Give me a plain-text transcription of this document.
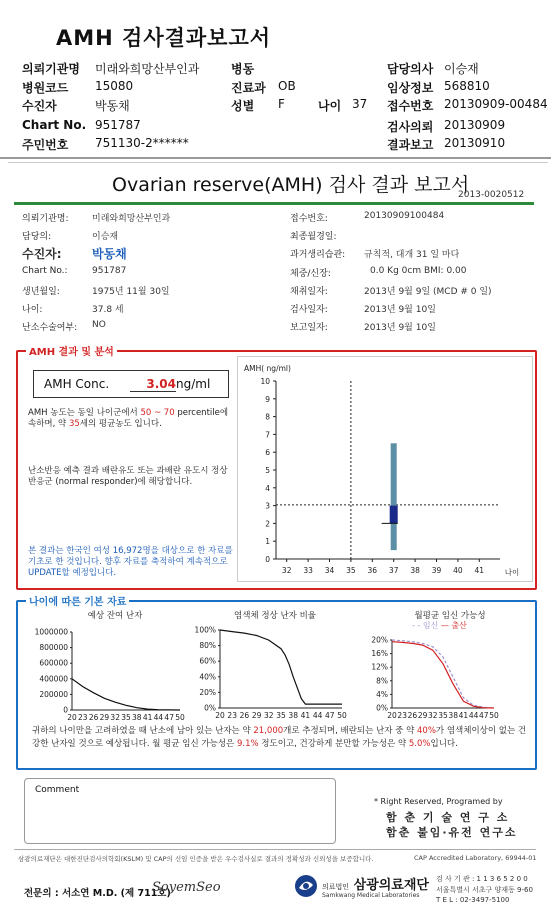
AMH 검사결과보고서
의뢰기관명 미래와희망산부인과	병동	담당의사 이승재
병원코드 15080	진료과 OB	임상정보 568810
수진자	박동채	성별 F	나이 37 접수번호 20130909-00484
Chart No. 951787	검사의뢰 20130909
주민번호 751130-2******	결과보고 20130910
Ovarian reserve(AMH) 검사 결과 보고서
2013-0020512
의뢰기관명:	미래와희망산부인과
담당의:	이승재
수진자:	박동채
Chart No.:	951787
생년월일:	1975년 11월 30일
나이:	37.8 세
난소수술여부: NO
접수번호:	20130909100484
최종월경일:
과거생리습관: 규칙적, 대개 31 일 마다
체중/신장:	0.0 Kg 0cm BMI: 0.00
채취일자:	2013년 9월 9일 (MCD # 0 일)
검사일자:	2013년 9월 10일
보고일자:	2013년 9월 10일
AMH 결과 및 분석
AMH Conc.	3.04 ng/ml
AMH 농도는 동일 나이군에서 50 ~ 70 percentile에 속하며, 약 35세의 평균농도 입니다.
난소반응 예측 결과 배란유도 또는 과배란 유도시 정상반응군 (normal responder)에 해당합니다.
본 결과는 한국인 여성 16,972명을 대상으로 한 자료를 기초로 한 것입니다. 향후 자료를 축적하여 계속적으로 UPDATE할 예정입니다.
AMH( ng/ml)
0
1
2
3
4
5
6
7
8
9
10
32 33 34 35 36 37 38 39 40 41	나이
나이에 따른 기본 자료
예상 잔여 난자	염색체 정상 난자 비율	월평균 임신 가능성
- - 임신 — 출산
0
200000
400000
600000
800000
1000000
20 23 26 29 32 35 38 41 44 47 50
0%
20%
40%
60%
80%
100%
20 23 26 29 32 35 38 41 44 47 50
0%
4%
8%
12%
16%
20%
20 23 26 29 32 35 38 41 44 47 50
귀하의 나이만을 고려하였을 때 난소에 남아 있는 난자는 약 21,000개로 추정되며, 배란되는 난자 중 약 40%가 염색체이상이 없는 건강한 난자일 것으로 예상됩니다. 월 평균 임신 가능성은 9.1% 정도이고, 건강하게 분만할 가능성은 약 5.0%입니다.
Comment
* Right Reserved, Programed by
함 춘 기 술 연 구 소
함춘 불임·유전 연구소
삼광의료재단은 대한진단검사의학회(KSLM) 및 CAP의 신임 인증을 받은 우수검사실로 결과의 정확성과 신뢰성을 보증합니다.	CAP Accredited Laboratory, 69944-01
전문의 : 서소연 M.D. (제 711호)
SoyemSeo	의료법인 삼광의료재단
Samkwang Medical Laboratories
검 사 기 관 : 1 1 3 6 5 2 0 0
서울특별시 서초구 양재동 9-60
T E L : 02-3497-5100
